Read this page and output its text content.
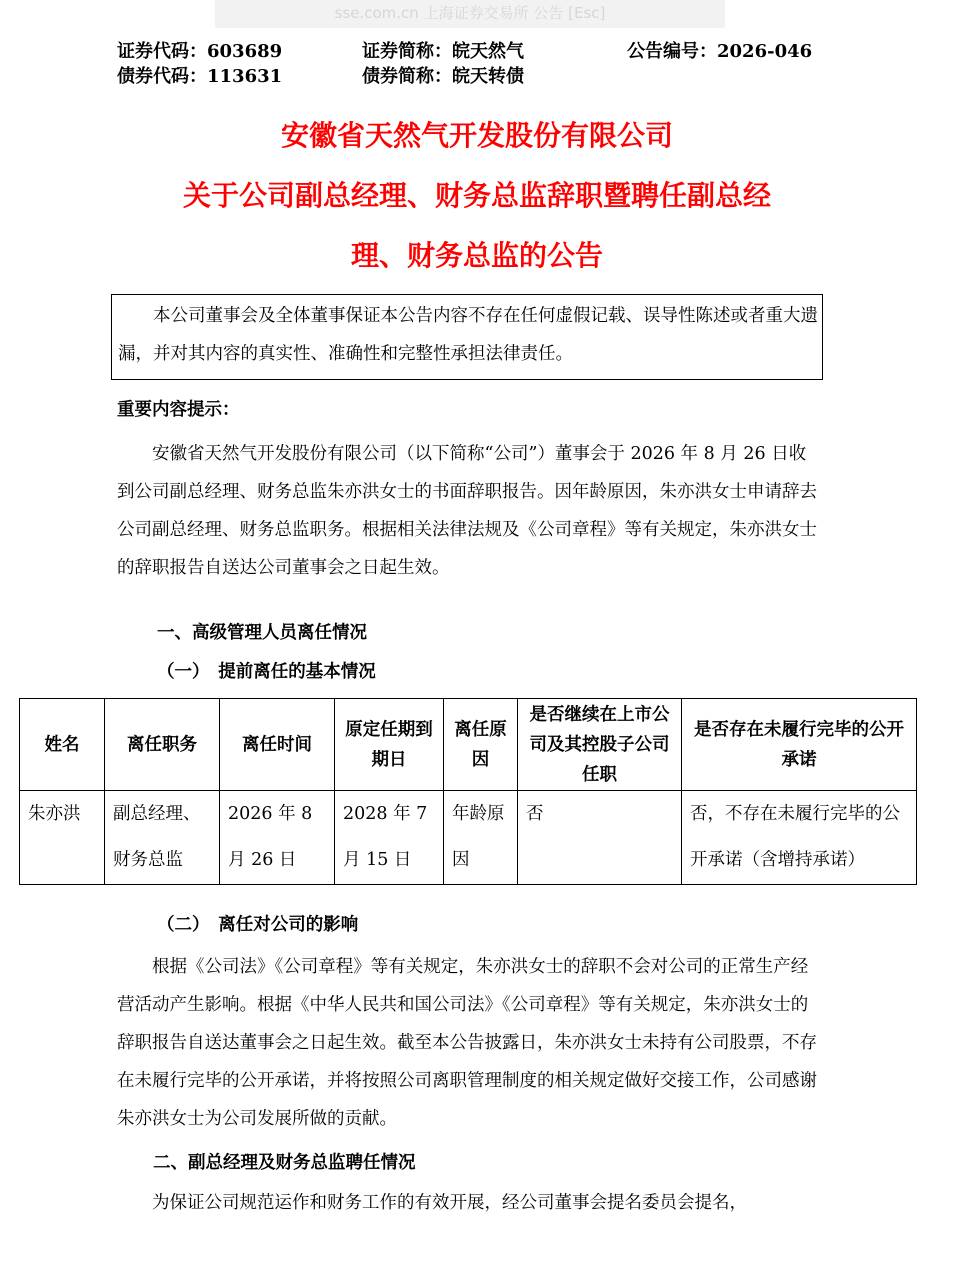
sse.com.cn 上海证券交易所 公告 [Esc]
证券代码：603689	证券简称：皖天然气	公告编号：2026-046
债券代码：113631	债券简称：皖天转债
安徽省天然气开发股份有限公司
关于公司副总经理、财务总监辞职暨聘任副总经
理、财务总监的公告
本公司董事会及全体董事保证本公告内容不存在任何虚假记载、误导性陈述或者重大遗漏，并对其内容的真实性、准确性和完整性承担法律责任。
重要内容提示：
安徽省天然气开发股份有限公司（以下简称“公司”）董事会于 2026 年 8 月 26 日收到公司副总经理、财务总监朱亦洪女士的书面辞职报告。因年龄原因，朱亦洪女士申请辞去公司副总经理、财务总监职务。根据相关法律法规及《公司章程》等有关规定，朱亦洪女士的辞职报告自送达公司董事会之日起生效。
一、高级管理人员离任情况
（一）　提前离任的基本情况
姓名	离任职务	离任时间	原定任期到期日	离任原因	是否继续在上市公司及其控股子公司任职	是否存在未履行完毕的公开承诺
朱亦洪	副总经理、财务总监	2026 年 8 月 26 日	2028 年 7 月 15 日	年龄原因	否	否，不存在未履行完毕的公开承诺（含增持承诺）
（二）　离任对公司的影响
根据《公司法》《公司章程》等有关规定，朱亦洪女士的辞职不会对公司的正常生产经营活动产生影响。根据《中华人民共和国公司法》《公司章程》等有关规定，朱亦洪女士的辞职报告自送达董事会之日起生效。截至本公告披露日，朱亦洪女士未持有公司股票，不存在未履行完毕的公开承诺，并将按照公司离职管理制度的相关规定做好交接工作，公司感谢朱亦洪女士为公司发展所做的贡献。
二、副总经理及财务总监聘任情况
为保证公司规范运作和财务工作的有效开展，经公司董事会提名委员会提名，
